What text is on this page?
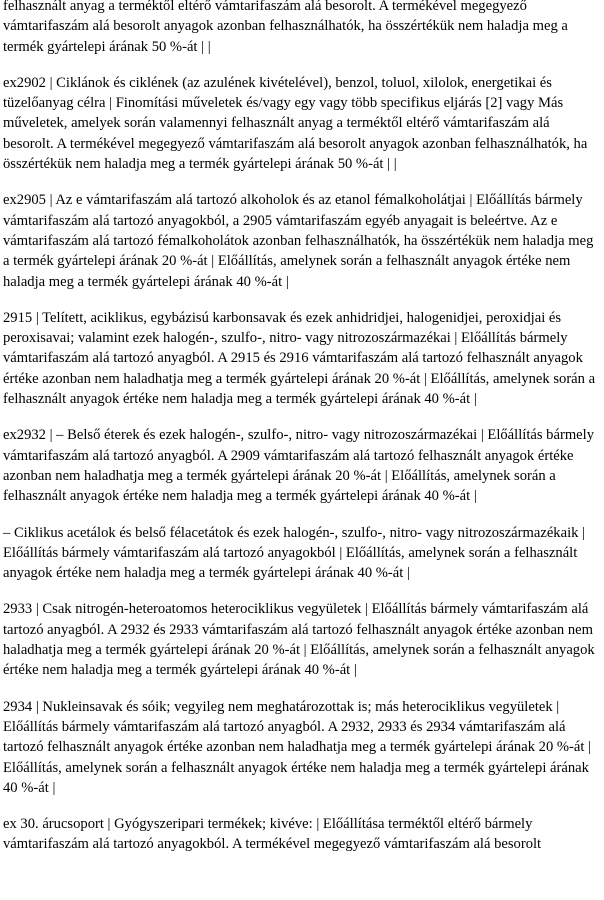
felhasznált anyag a terméktől eltérő vámtarifaszám alá besorolt. A termékével megegyező vámtarifaszám alá besorolt anyagok azonban felhasználhatók, ha összértékük nem haladja meg a termék gyártelepi árának 50 %-át | |

ex2902 | Ciklánok és ciklének (az azulének kivételével), benzol, toluol, xilolok, energetikai és tüzelőanyag célra | Finomítási műveletek és/vagy egy vagy több specifikus eljárás [2] vagy Más műveletek, amelyek során valamennyi felhasznált anyag a terméktől eltérő vámtarifaszám alá besorolt. A termékével megegyező vámtarifaszám alá besorolt anyagok azonban felhasználhatók, ha összértékük nem haladja meg a termék gyártelepi árának 50 %-át | |

ex2905 | Az e vámtarifaszám alá tartozó alkoholok és az etanol fémalkoholátjai | Előállítás bármely vámtarifaszám alá tartozó anyagokból, a 2905 vámtarifaszám egyéb anyagait is beleértve. Az e vámtarifaszám alá tartozó fémalkoholátok azonban felhasználhatók, ha összértékük nem haladja meg a termék gyártelepi árának 20 %-át | Előállítás, amelynek során a felhasznált anyagok értéke nem haladja meg a termék gyártelepi árának 40 %-át |

2915 | Telített, aciklikus, egybázisú karbonsavak és ezek anhidridjei, halogenidjei, peroxidjai és peroxisavai; valamint ezek halogén-, szulfo-, nitro- vagy nitrozoszármazékai | Előállítás bármely vámtarifaszám alá tartozó anyagból. A 2915 és 2916 vámtarifaszám alá tartozó felhasznált anyagok értéke azonban nem haladhatja meg a termék gyártelepi árának 20 %-át | Előállítás, amelynek során a felhasznált anyagok értéke nem haladja meg a termék gyártelepi árának 40 %-át |

ex2932 | – Belső éterek és ezek halogén-, szulfo-, nitro- vagy nitrozoszármazékai | Előállítás bármely vámtarifaszám alá tartozó anyagból. A 2909 vámtarifaszám alá tartozó felhasznált anyagok értéke azonban nem haladhatja meg a termék gyártelepi árának 20 %-át | Előállítás, amelynek során a felhasznált anyagok értéke nem haladja meg a termék gyártelepi árának 40 %-át |

– Ciklikus acetálok és belső félacetátok és ezek halogén-, szulfo-, nitro- vagy nitrozoszármazékaik | Előállítás bármely vámtarifaszám alá tartozó anyagokból | Előállítás, amelynek során a felhasznált anyagok értéke nem haladja meg a termék gyártelepi árának 40 %-át |

2933 | Csak nitrogén-heteroatomos heterociklikus vegyületek | Előállítás bármely vámtarifaszám alá tartozó anyagból. A 2932 és 2933 vámtarifaszám alá tartozó felhasznált anyagok értéke azonban nem haladhatja meg a termék gyártelepi árának 20 %-át | Előállítás, amelynek során a felhasznált anyagok értéke nem haladja meg a termék gyártelepi árának 40 %-át |

2934 | Nukleinsavak és sóik; vegyileg nem meghatározottak is; más heterociklikus vegyületek | Előállítás bármely vámtarifaszám alá tartozó anyagból. A 2932, 2933 és 2934 vámtarifaszám alá tartozó felhasznált anyagok értéke azonban nem haladhatja meg a termék gyártelepi árának 20 %-át | Előállítás, amelynek során a felhasznált anyagok értéke nem haladja meg a termék gyártelepi árának 40 %-át |

ex 30. árucsoport | Gyógyszeripari termékek; kivéve: | Előállítása terméktől eltérő bármely vámtarifaszám alá tartozó anyagokból. A termékével megegyező vámtarifaszám alá besorolt
